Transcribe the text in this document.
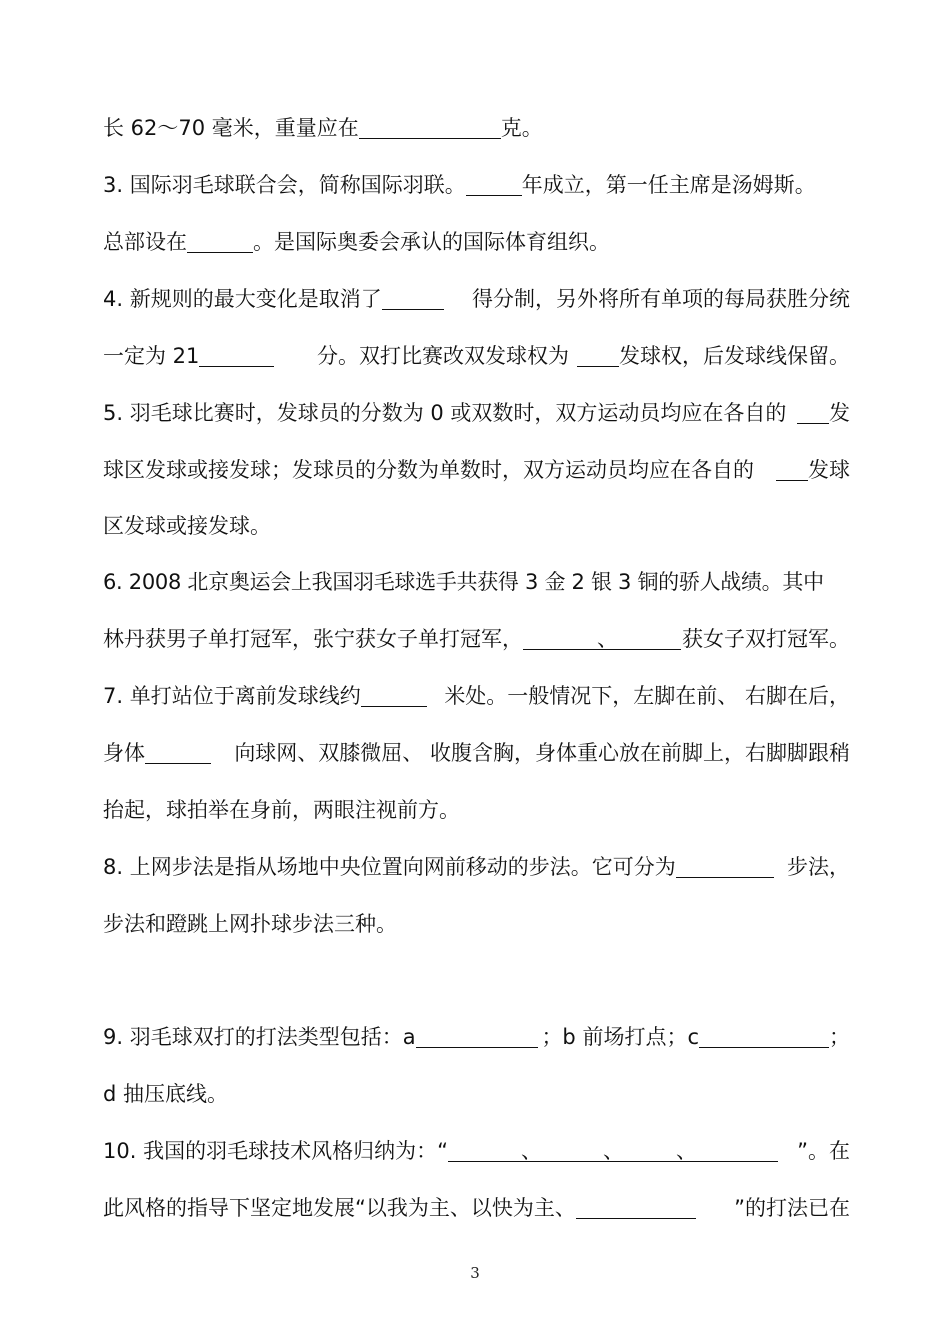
长 62～70 毫米，重量应在	克。
3. 国际羽毛球联合会，简称国际羽联。	年成立，第一任主席是汤姆斯。
总部设在	。是国际奥委会承认的国际体育组织。
4. 新规则的最大变化是取消了	得分制，另外将所有单项的每局获胜分统
一定为 21	分。双打比赛改双发球权为 发球权，后发球线保留。
5. 羽毛球比赛时，发球员的分数为 0 或双数时，双方运动员均应在各自的	发
球区发球或接发球；发球员的分数为单数时，双方运动员均应在各自的	发球
区发球或接发球。
6. 2008 北京奥运会上我国羽毛球选手共获得 3 金 2 银 3 铜的骄人战绩。其中
林丹获男子单打冠军，张宁获女子单打冠军，	、	获女子双打冠军。
7. 单打站位于离前发球线约	米处。一般情况下，左脚在前、 右脚在后，
身体	向球网、双膝微屈、 收腹含胸，身体重心放在前脚上，右脚脚跟稍
抬起，球拍举在身前，两眼注视前方。
8. 上网步法是指从场地中央位置向网前移动的步法。它可分为	步法，
步法和蹬跳上网扑球步法三种。
9. 羽毛球双打的打法类型包括：a	；b 前场打点；c	；
d 抽压底线。
10. 我国的羽毛球技术风格归纳为：“	、	、 、	”。在
此风格的指导下坚定地发展“以我为主、以快为主、	”的打法已在
3
